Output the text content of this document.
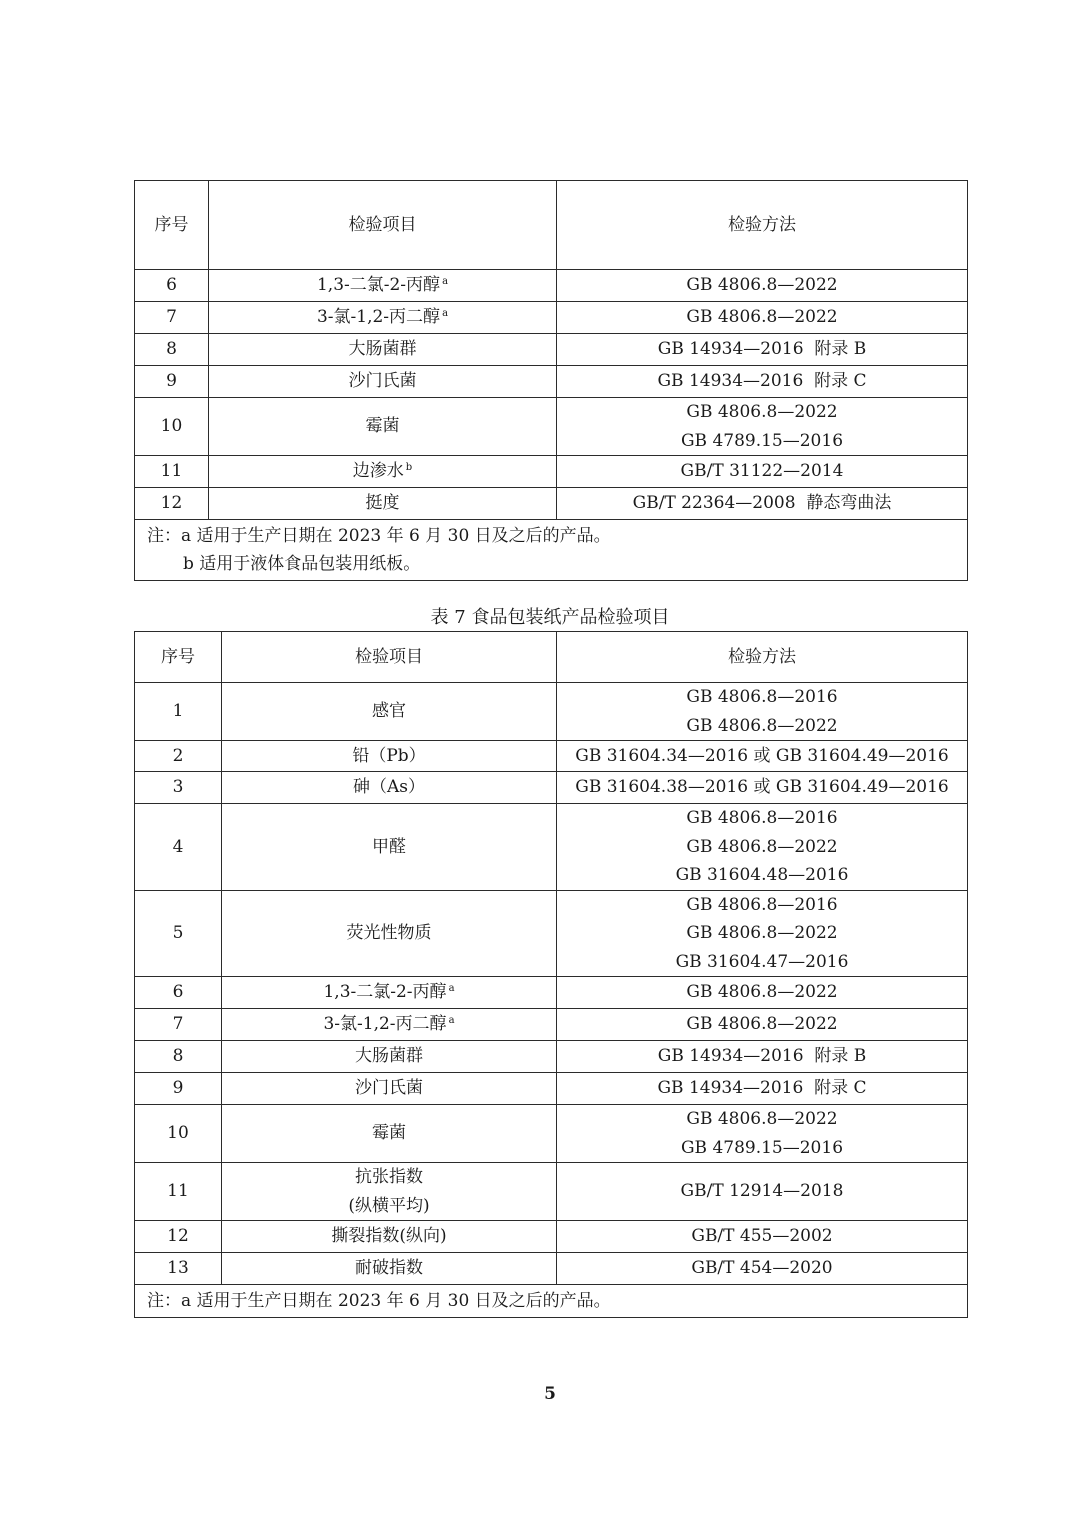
序号	检验项目	检验方法
6	1,3-二氯-2-丙醇 $^a$	GB 4806.8—2022
7	3-氯-1,2-丙二醇 $^a$	GB 4806.8—2022
8	大肠菌群	GB 14934—2016  附录 B
9	沙门氏菌	GB 14934—2016  附录 C
10	霉菌	GB 4806.8—2022
GB 4789.15—2016

11	边渗水 $^b$	GB/T 31122—2014
12	挺度	GB/T 22364—2008  静态弯曲法

注：a 适用于生产日期在 2023 年 6 月 30 日及之后的产品。
b 适用于液体食品包装用纸板。		
表 7 食品包装纸产品检验项目
序号	检验项目	检验方法
1	感官	GB 4806.8—2016
GB 4806.8—2022

2	铅（Pb）	GB 31604.34—2016 或 GB 31604.49—2016
3	砷（As）	GB 31604.38—2016 或 GB 31604.49—2016
4	甲醛	GB 4806.8—2016
GB 4806.8—2022
GB 31604.48—2016

5	荧光性物质	GB 4806.8—2016
GB 4806.8—2022
GB 31604.47—2016

6	1,3-二氯-2-丙醇 $^a$	GB 4806.8—2022
7	3-氯-1,2-丙二醇 $^a$	GB 4806.8—2022
8	大肠菌群	GB 14934—2016  附录 B
9	沙门氏菌	GB 14934—2016  附录 C
10	霉菌	GB 4806.8—2022
GB 4789.15—2016

11	抗张指数
(纵横平均)	GB/T 12914—2018
12	撕裂指数(纵向)	GB/T 455—2002
13	耐破指数	GB/T 454—2020
注：a 适用于生产日期在 2023 年 6 月 30 日及之后的产品。		
5
